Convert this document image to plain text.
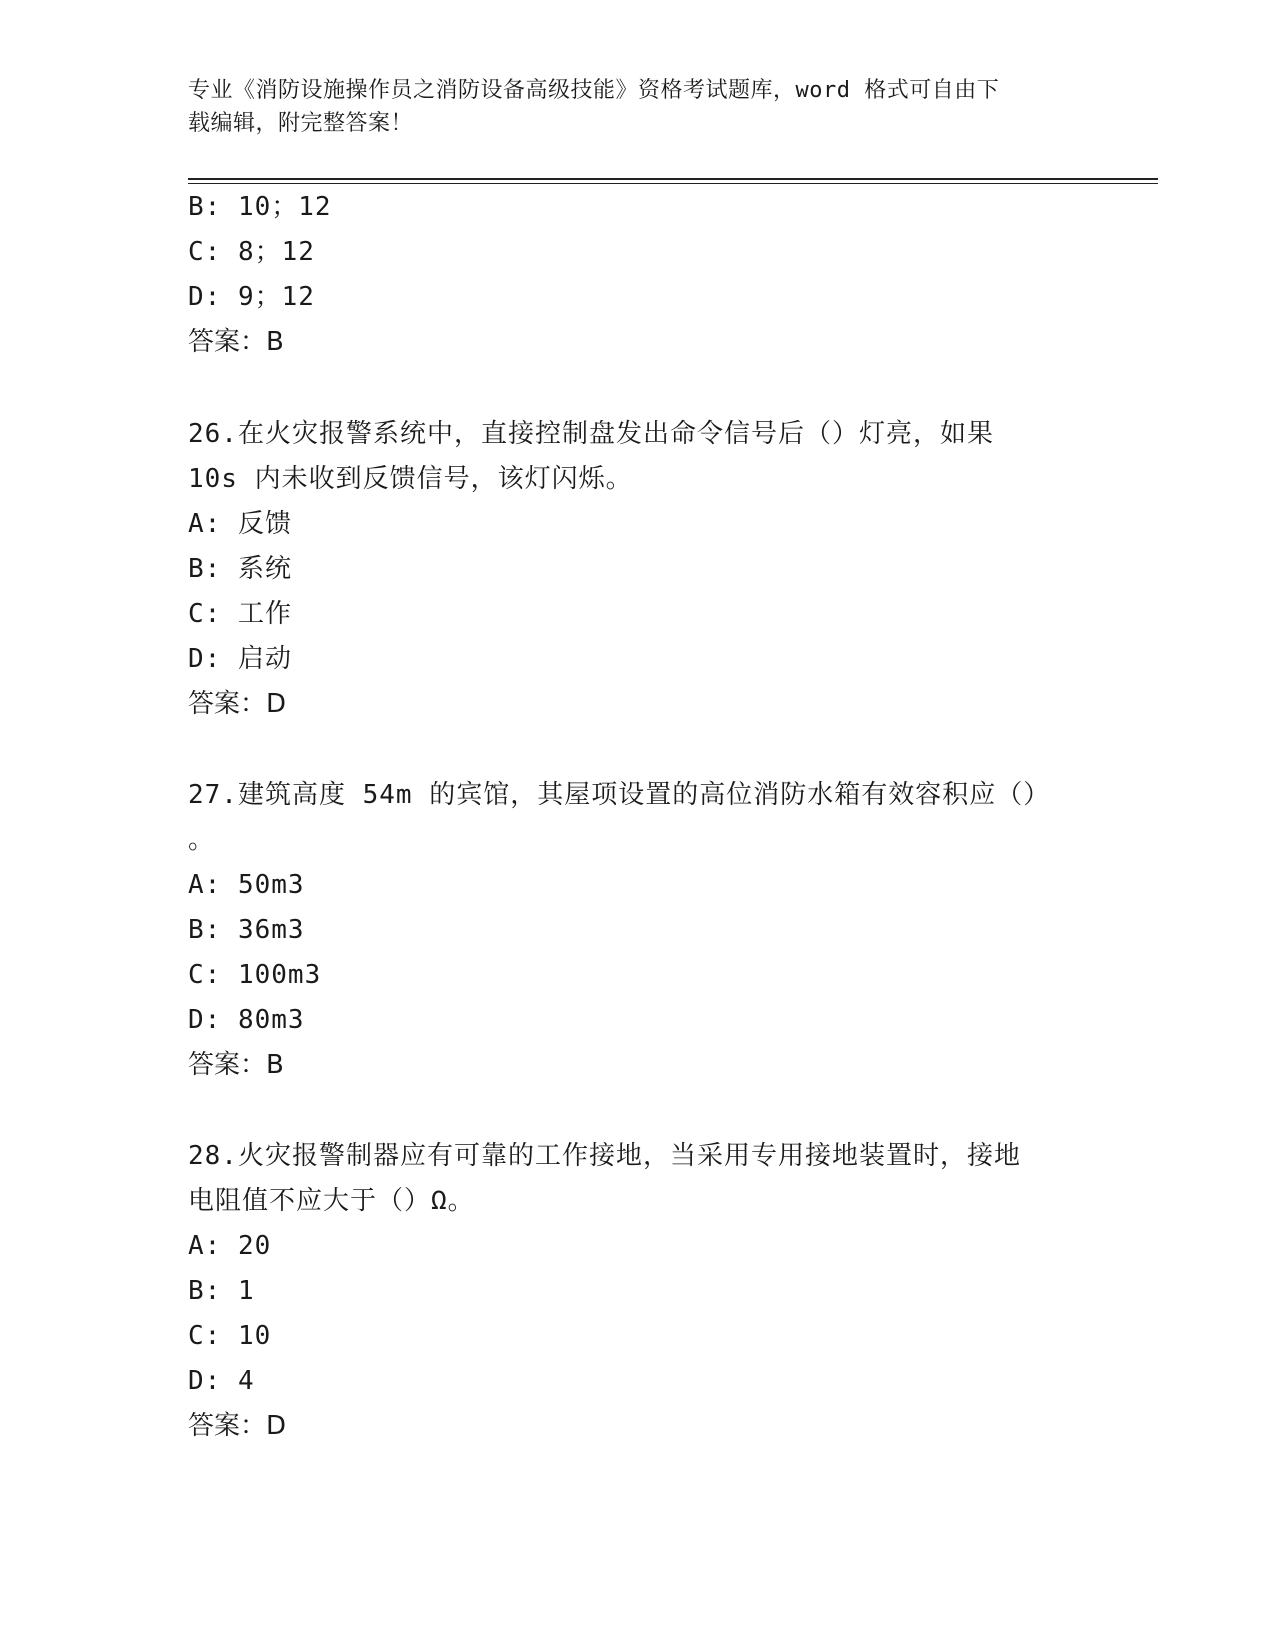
专业《消防设施操作员之消防设备高级技能》资格考试题库，word 格式可自由下
载编辑，附完整答案！
B: 10；12
C: 8；12
D: 9；12
答案：B
26.在火灾报警系统中，直接控制盘发出命令信号后（）灯亮，如果
10s 内未收到反馈信号，该灯闪烁。
A: 反馈
B: 系统
C: 工作
D: 启动
答案：D
27.建筑高度 54m 的宾馆，其屋项设置的高位消防水箱有效容积应（）
。
A: 50m3
B: 36m3
C: 100m3
D: 80m3
答案：B
28.火灾报警制器应有可靠的工作接地，当采用专用接地装置时，接地
电阻值不应大于（）Ω。
A: 20
B: 1
C: 10
D: 4
答案：D
